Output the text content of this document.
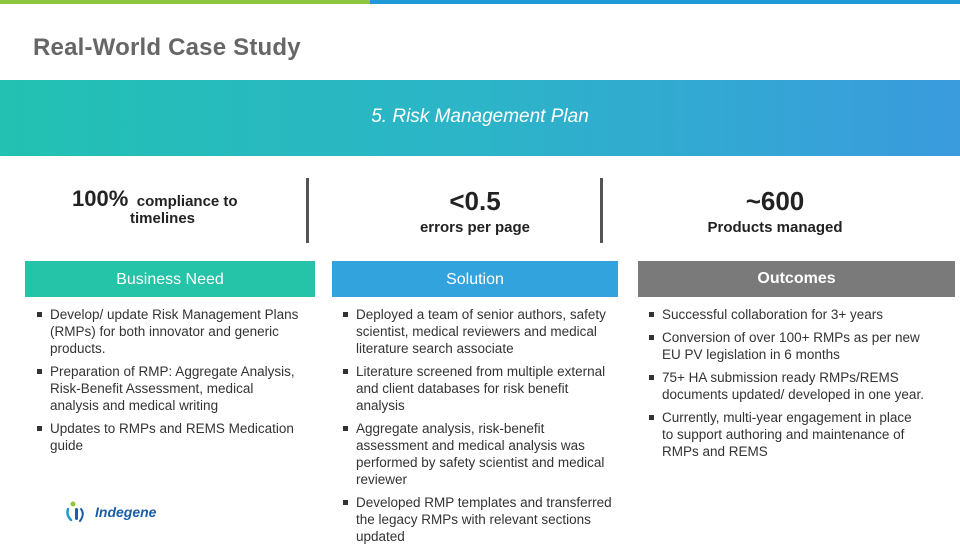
Real-World Case Study
5. Risk Management Plan
100% compliance to
timelines
<0.5
errors per page
~600
Products managed
Business Need	Solution	Outcomes
Develop/ update Risk Management Plans (RMPs) for both innovator and generic products.
Preparation of RMP: Aggregate Analysis, Risk-Benefit Assessment, medical analysis and medical writing
Updates to RMPs and REMS Medication guide
Deployed a team of senior authors, safety scientist, medical reviewers and medical literature search associate
Literature screened from multiple external and client databases for risk benefit analysis
Aggregate analysis, risk-benefit assessment and medical analysis was performed by safety scientist and medical reviewer
Developed RMP templates and transferred the legacy RMPs with relevant sections updated
Successful collaboration for 3+ years
Conversion of over 100+ RMPs as per new EU PV legislation in 6 months
75+ HA submission ready RMPs/REMS documents updated/ developed in one year.
Currently, multi-year engagement in place to support authoring and maintenance of RMPs and REMS
Indegene
